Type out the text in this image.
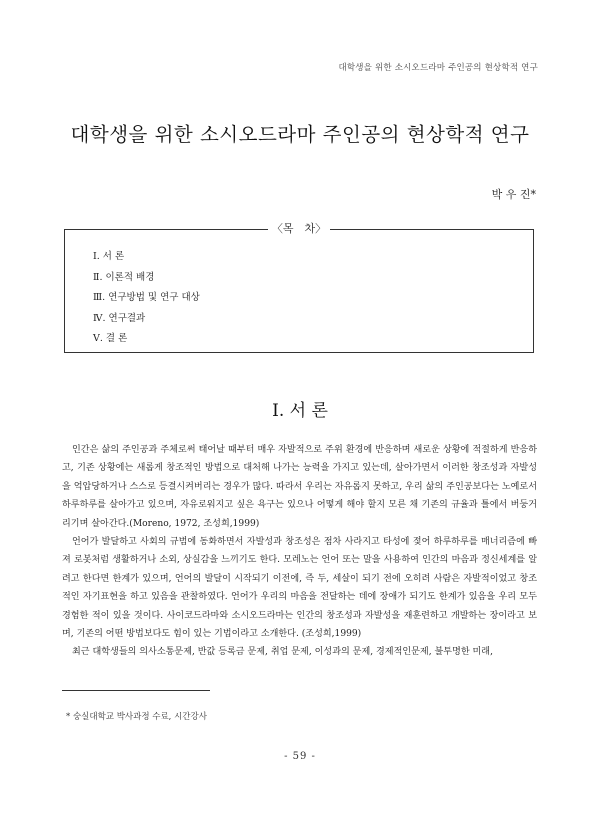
대학생을 위한 소시오드라마 주인공의 현상학적 연구
대학생을 위한 소시오드라마 주인공의 현상학적 연구
박 우 진*
〈목　차〉
Ⅰ. 서 론
Ⅱ. 이론적 배경
Ⅲ. 연구방법 및 연구 대상
Ⅳ. 연구결과
Ⅴ. 결 론
Ⅰ. 서 론

인간은 삶의 주인공과 주체로써 태어날 때부터 매우 자발적으로 주위 환경에 반응하며 새로운 상황에 적절하게 반응하고, 기존 상황에는 새롭게 창조적인 방법으로 대처해 나가는 능력을 가지고 있는데, 살아가면서 이러한 창조성과 자발성을 억압당하거나 스스로 등결시켜버리는 경우가 많다. 따라서 우리는 자유롭지 못하고, 우리 삶의 주인공보다는 노예로서 하루하루를 살아가고 있으며, 자유로워지고 싶은 욕구는 있으나 어떻게 해야 할지 모른 채 기존의 규율과 틀에서 버둥거리기며 살아간다.(Moreno, 1972, 조성희,1999)

언어가 발달하고 사회의 규범에 동화하면서 자발성과 창조성은 점차 사라지고 타성에 젖어 하루하루를 매너리즘에 빠져 로봇처럼 생활하거나 소외, 상실감을 느끼기도 한다. 모레노는 언어 또는 말을 사용하여 인간의 마음과 정신세계를 알려고 한다면 한계가 있으며, 언어의 발달이 시작되기 이전에, 즉 두, 세살이 되기 전에 오히려 사람은 자발적이었고 창조적인 자기표현을 하고 있음을 관찰하였다. 언어가 우리의 마음을 전달하는 데에 장애가 되기도 한계가 있음을 우리 모두 경험한 적이 있을 것이다. 사이코드라마와 소시오드라마는 인간의 창조성과 자발성을 재훈련하고 개발하는 장이라고 보며, 기존의 어떤 방법보다도 힘이 있는 기법이라고 소개한다. (조성희,1999)

최근 대학생들의 의사소통문제, 반값 등록금 문제, 취업 문제, 이성과의 문제, 경제적인문제, 불투명한 미래,

* 숭실대학교 박사과정 수료, 시간강사
- 59 -
